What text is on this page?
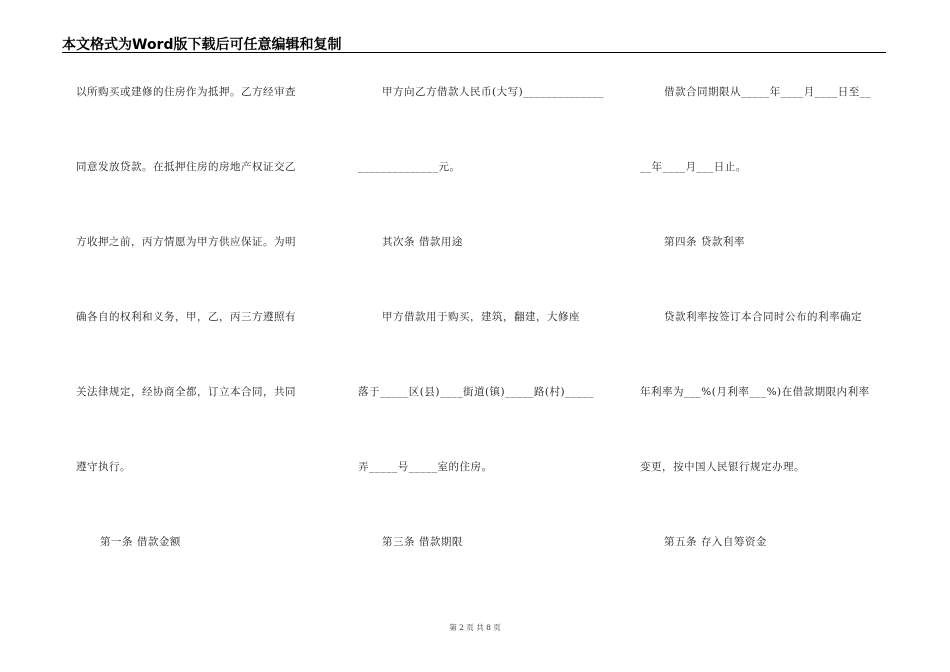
本文格式为Word版下载后可任意编辑和复制
以所购买或建修的住房作为抵押。乙方经审查
同意发放贷款。在抵押住房的房地产权证交乙
方收押之前，丙方情愿为甲方供应保证。为明
确各自的权利和义务，甲，乙，丙三方遵照有
关法律规定，经协商全都，订立本合同，共同
遵守执行。
第一条 借款金额
甲方向乙方借款人民币(大写)______________
______________元。
其次条 借款用途
甲方借款用于购买，建筑，翻建，大修座
落于_____区(县)____街道(镇)_____路(村)_____
弄_____号_____室的住房。
第三条 借款期限
借款合同期限从_____年____月____日至__
__年____月___日止。
第四条 贷款利率
贷款利率按签订本合同时公布的利率确定
年利率为___%(月利率___%)在借款期限内利率
变更，按中国人民银行规定办理。
第五条 存入自筹资金
第 2 页 共 8 页
